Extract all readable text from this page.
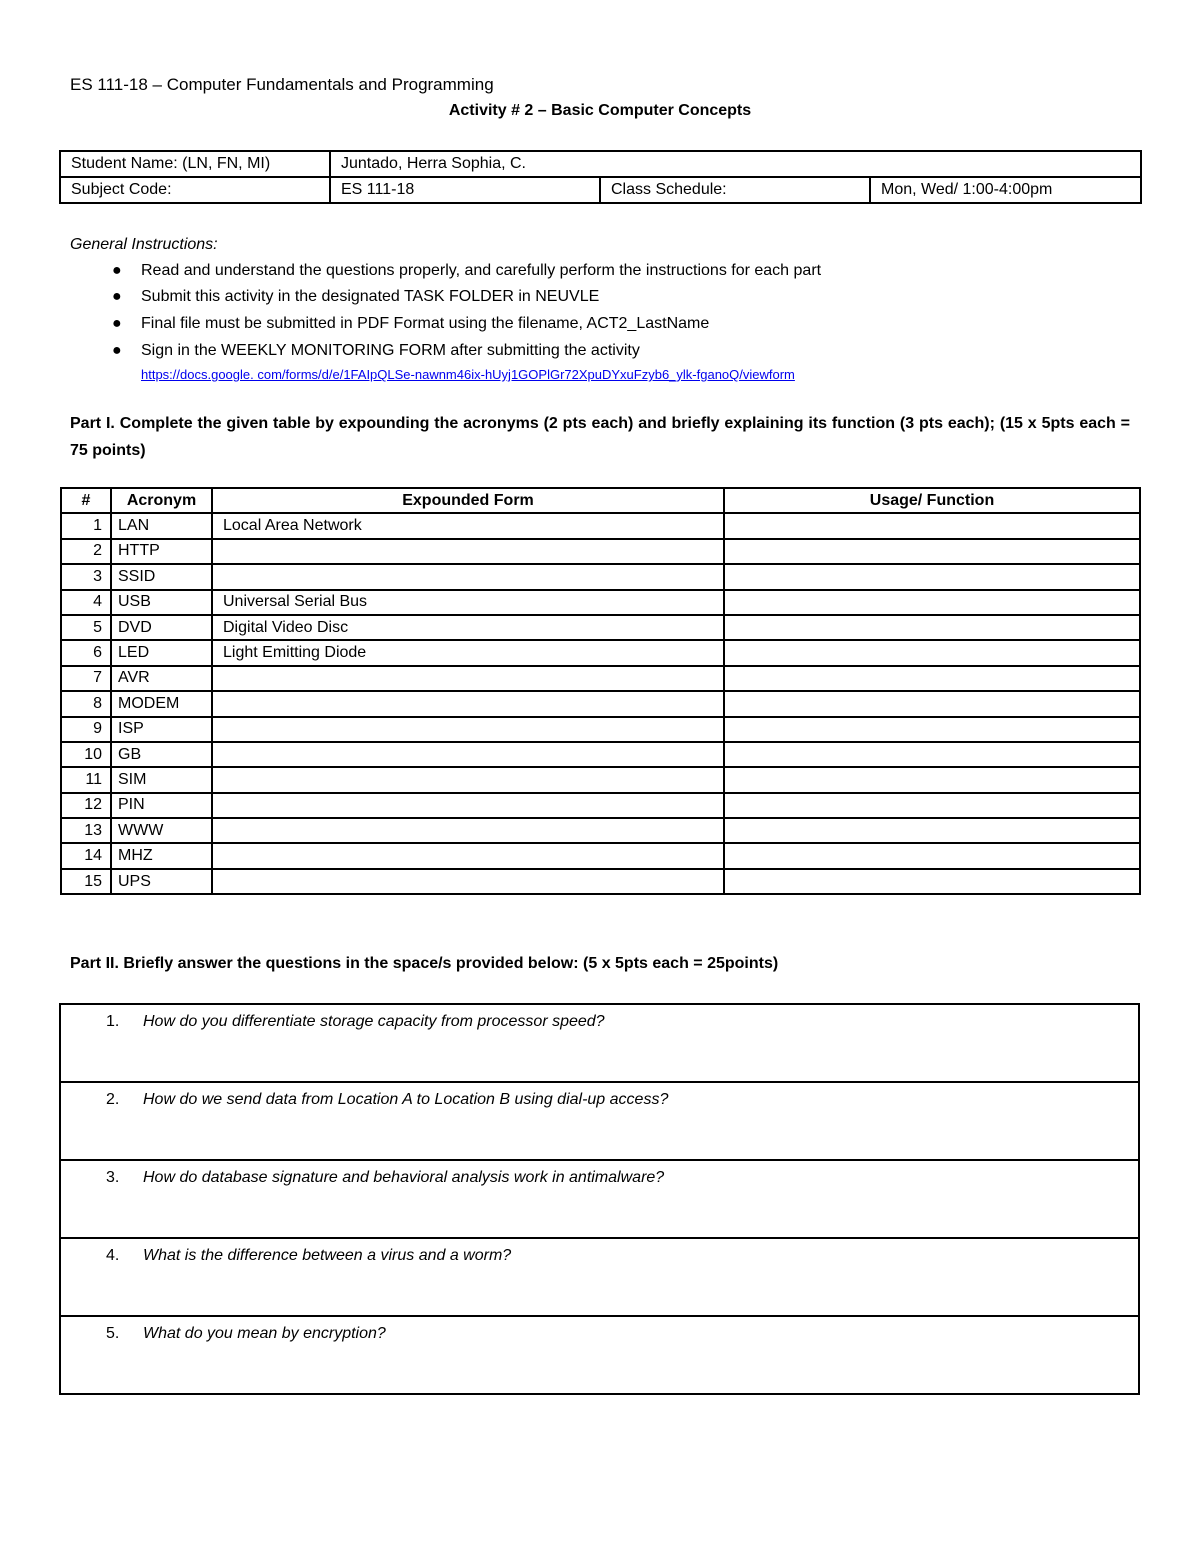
ES 111-18 – Computer Fundamentals and Programming
Activity # 2 – Basic Computer Concepts
Student Name: (LN, FN, MI)	Juntado, Herra Sophia, C.		
Subject Code:	ES 111-18	Class Schedule:	Mon, Wed/ 1:00-4:00pm
General Instructions:
● Read and understand the questions properly, and carefully perform the instructions for each part
● Submit this activity in the designated TASK FOLDER in NEUVLE
● Final file must be submitted in PDF Format using the filename, ACT2_LastName
● Sign in the WEEKLY MONITORING FORM after submitting the activity
https://docs.google. com/forms/d/e/1FAIpQLSe-nawnm46ix-hUyj1GOPlGr72XpuDYxuFzyb6_ylk-fganoQ/viewform
Part I. Complete the given table by expounding the acronyms (2 pts each) and briefly explaining its function (3 pts each); (15 x 5pts each = 75 points)
#	Acronym	Expounded Form	Usage/ Function
1	LAN	Local Area Network	
2	HTTP		
3	SSID		
4	USB	Universal Serial Bus	
5	DVD	Digital Video Disc	
6	LED	Light Emitting Diode	
7	AVR		
8	MODEM		
9	ISP		
10	GB		
11	SIM		
12	PIN		
13	WWW		
14	MHZ		
15	UPS		
Part II. Briefly answer the questions in the space/s provided below: (5 x 5pts each = 25points)
1. How do you differentiate storage capacity from processor speed?

2. How do we send data from Location A to Location B using dial-up access?

3. How do database signature and behavioral analysis work in antimalware?

4. What is the difference between a virus and a worm?

5. What do you mean by encryption?
